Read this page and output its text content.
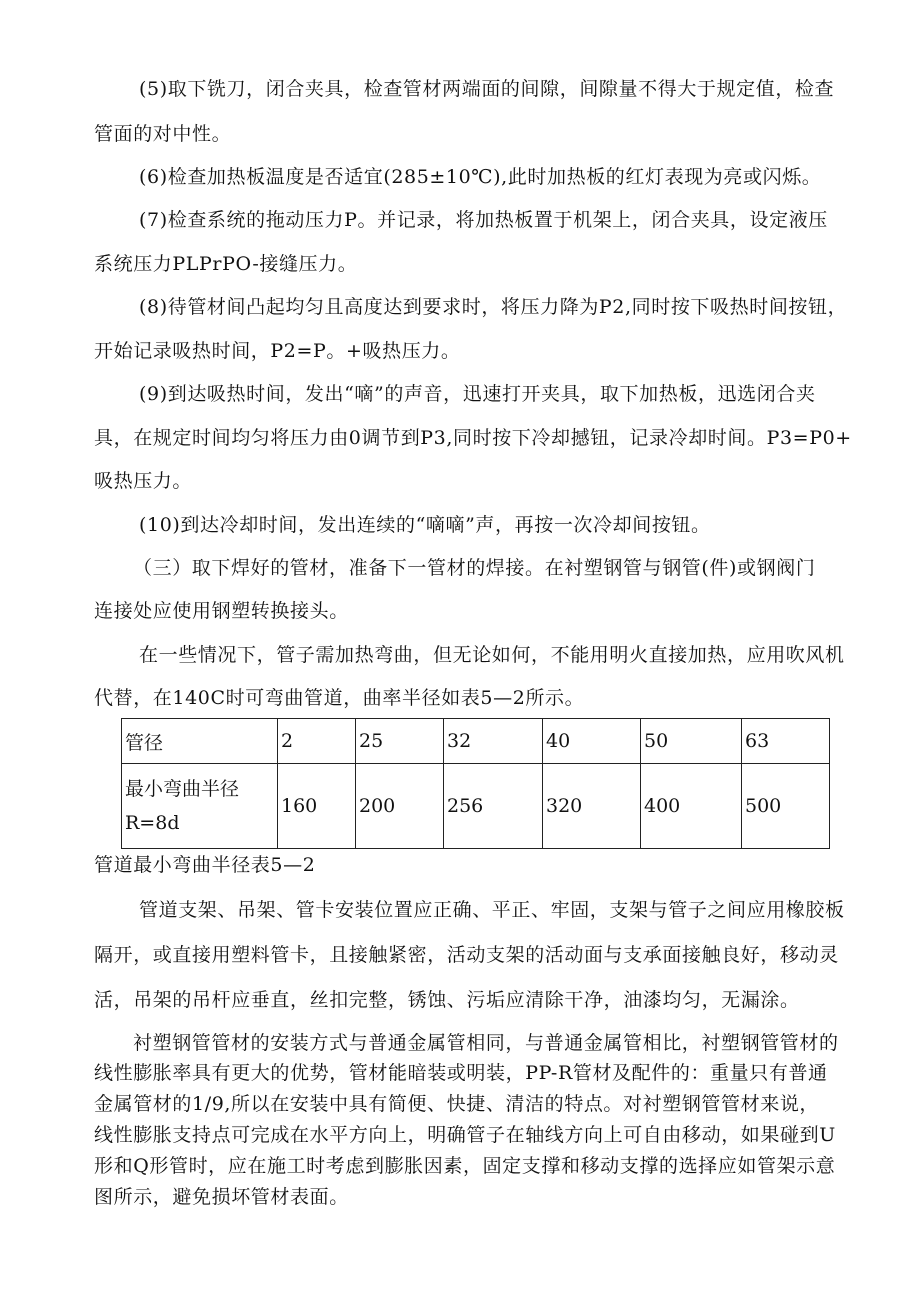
(5)取下铣刀，闭合夹具，检查管材两端面的间隙，间隙量不得大于规定值，检查
管面的对中性。
(6)检查加热板温度是否适宜(285±10℃),此时加热板的红灯表现为亮或闪烁。
(7)检查系统的拖动压力P。并记录，将加热板置于机架上，闭合夹具，设定液压
系统压力PLPrPO-接缝压力。
(8)待管材间凸起均匀且高度达到要求时，将压力降为P2,同时按下吸热时间按钮，
开始记录吸热时间，P2=P。+吸热压力。
(9)到达吸热时间，发出“嘀”的声音，迅速打开夹具，取下加热板，迅选闭合夹
具，在规定时间均匀将压力由0调节到P3,同时按下冷却撼钮，记录冷却时间。P3=P0+
吸热压力。
(10)到达冷却时间，发出连续的“嘀嘀”声，再按一次冷却间按钮。
（三）取下焊好的管材，准备下一管材的焊接。在衬塑钢管与钢管(件)或钢阀门
连接处应使用钢塑转换接头。
在一些情况下，管子需加热弯曲，但无论如何，不能用明火直接加热，应用吹风机
代替，在140C时可弯曲管道，曲率半径如表5—2所示。
管径	2	25	32	40	50	63

最小弯曲半径
R=8d	160	200	256	320	400	500
管道最小弯曲半径表5—2
管道支架、吊架、管卡安装位置应正确、平正、牢固，支架与管子之间应用橡胶板
隔开，或直接用塑料管卡，且接触紧密，活动支架的活动面与支承面接触良好，移动灵
活，吊架的吊杆应垂直，丝扣完整，锈蚀、污垢应清除干净，油漆均匀，无漏涂。
衬塑钢管管材的安装方式与普通金属管相同，与普通金属管相比，衬塑钢管管材的
线性膨胀率具有更大的优势，管材能暗装或明装，PP-R管材及配件的：重量只有普通
金属管材的1/9,所以在安装中具有简便、快捷、清洁的特点。对衬塑钢管管材来说，
线性膨胀支持点可完成在水平方向上，明确管子在轴线方向上可自由移动，如果碰到U
形和Q形管时，应在施工时考虑到膨胀因素，固定支撑和移动支撑的选择应如管架示意
图所示，避免损坏管材表面。
